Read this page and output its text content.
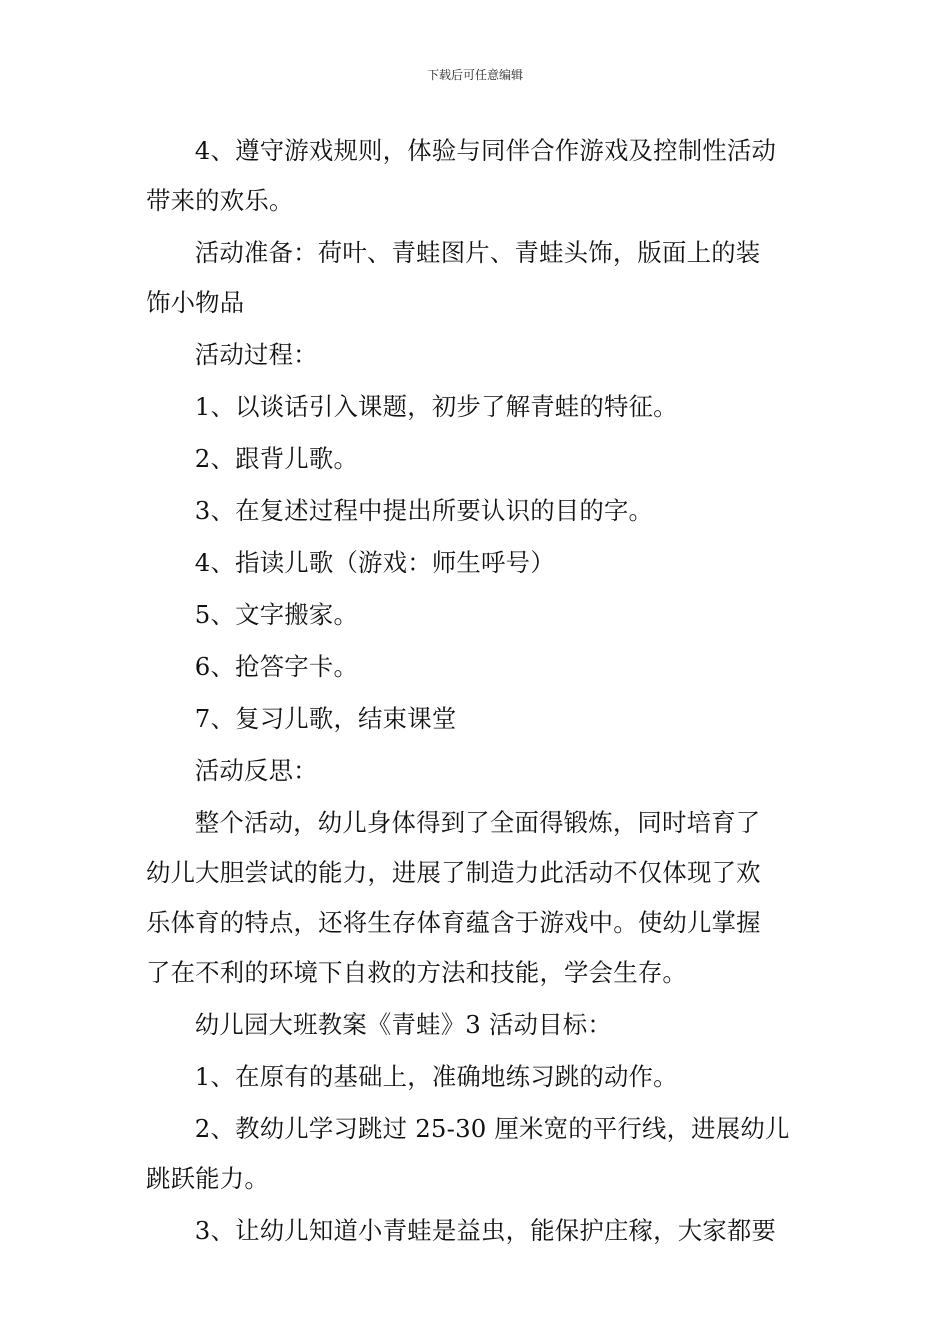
下载后可任意编辑

4、遵守游戏规则，体验与同伴合作游戏及控制性活动
带来的欢乐。

活动准备：荷叶、青蛙图片、青蛙头饰，版面上的装
饰小物品

活动过程：

1、以谈话引入课题，初步了解青蛙的特征。

2、跟背儿歌。

3、在复述过程中提出所要认识的目的字。

4、指读儿歌（游戏：师生呼号）

5、文字搬家。

6、抢答字卡。

7、复习儿歌，结束课堂

活动反思：

整个活动，幼儿身体得到了全面得锻炼，同时培育了
幼儿大胆尝试的能力，进展了制造力此活动不仅体现了欢
乐体育的特点，还将生存体育蕴含于游戏中。使幼儿掌握
了在不利的环境下自救的方法和技能，学会生存。

幼儿园大班教案《青蛙》3 活动目标：

1、在原有的基础上，准确地练习跳的动作。

2、教幼儿学习跳过 25-30 厘米宽的平行线，进展幼儿
跳跃能力。

3、让幼儿知道小青蛙是益虫，能保护庄稼，大家都要
